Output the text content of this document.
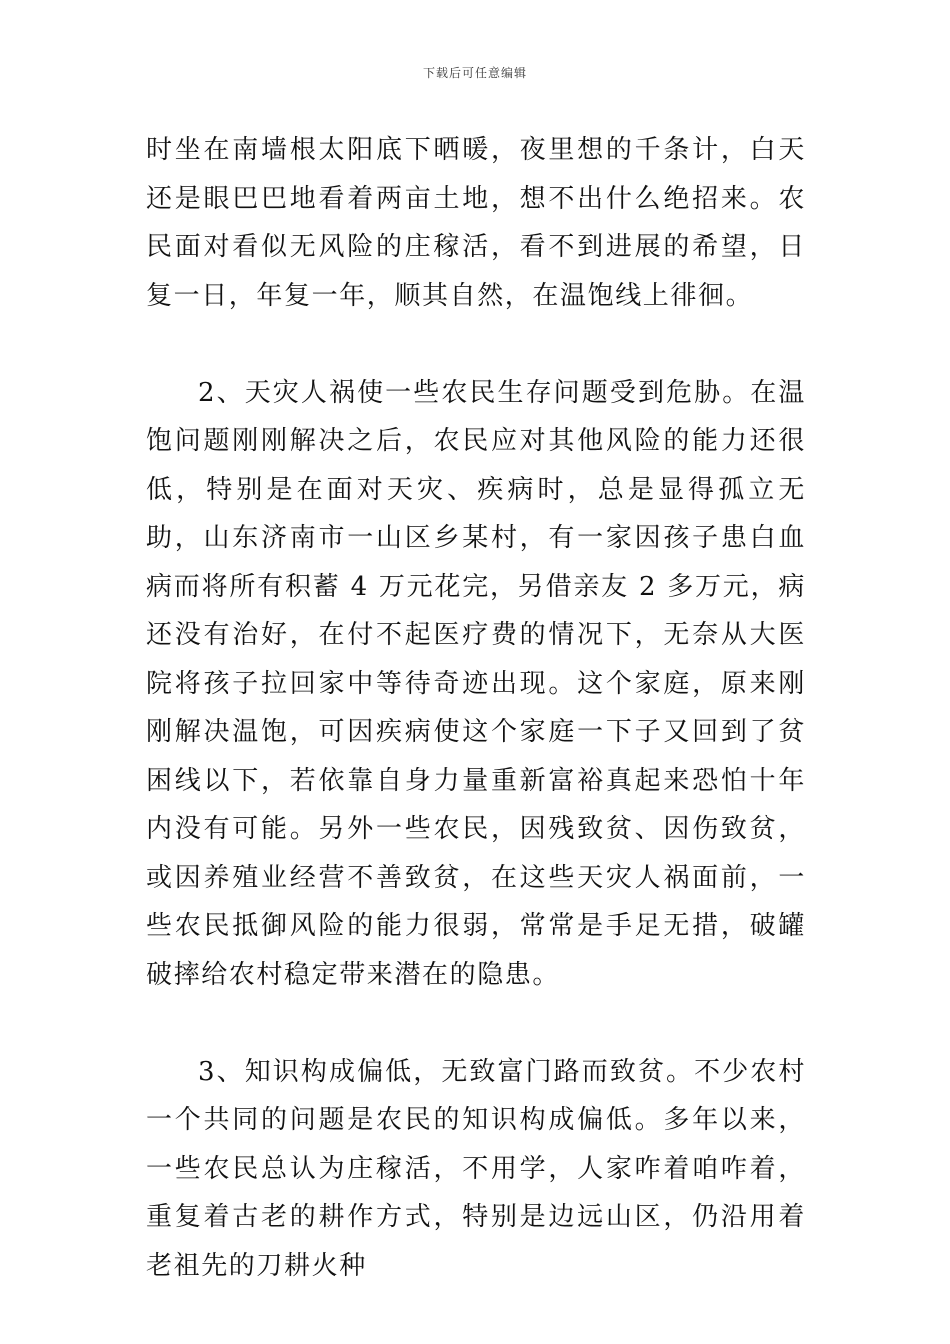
下载后可任意编辑

时坐在南墙根太阳底下晒暖，夜里想的千条计，白天还是眼巴巴地看着两亩土地，想不出什么绝招来。农民面对看似无风险的庄稼活，看不到进展的希望，日复一日，年复一年，顺其自然，在温饱线上徘徊。

2、天灾人祸使一些农民生存问题受到危胁。在温饱问题刚刚解决之后，农民应对其他风险的能力还很低，特别是在面对天灾、疾病时，总是显得孤立无助，山东济南市一山区乡某村，有一家因孩子患白血病而将所有积蓄 4 万元花完，另借亲友 2 多万元，病还没有治好，在付不起医疗费的情况下，无奈从大医院将孩子拉回家中等待奇迹出现。这个家庭，原来刚刚解决温饱，可因疾病使这个家庭一下子又回到了贫困线以下，若依靠自身力量重新富裕真起来恐怕十年内没有可能。另外一些农民，因残致贫、因伤致贫，或因养殖业经营不善致贫，在这些天灾人祸面前，一些农民抵御风险的能力很弱，常常是手足无措，破罐破摔给农村稳定带来潜在的隐患。

3、知识构成偏低，无致富门路而致贫。不少农村一个共同的问题是农民的知识构成偏低。多年以来，一些农民总认为庄稼活，不用学，人家咋着咱咋着，重复着古老的耕作方式，特别是边远山区，仍沿用着老祖先的刀耕火种
